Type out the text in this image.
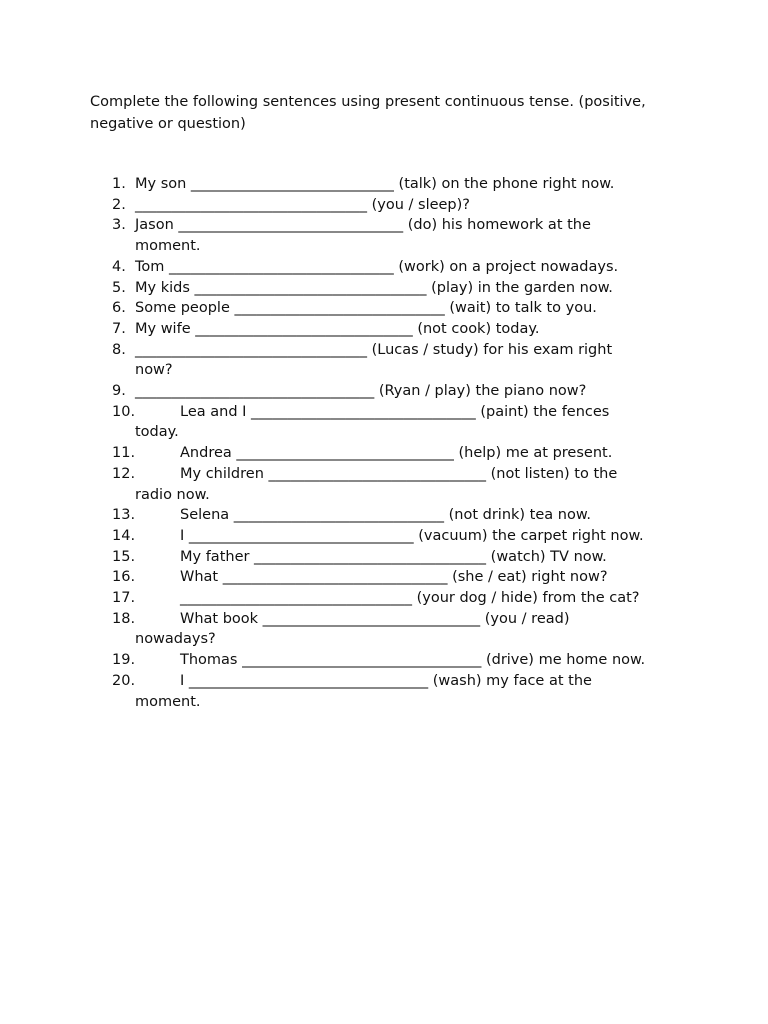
Complete the following sentences using present continuous tense. (positive, negative or question)

1. My son ____________________________ (talk) on the phone right now.
2. ________________________________ (you / sleep)?
3. Jason _______________________________ (do) his homework at the
moment.
4. Tom _______________________________ (work) on a project nowadays.
5. My kids ________________________________ (play) in the garden now.
6. Some people _____________________________ (wait) to talk to you.
7. My wife ______________________________ (not cook) today.
8. ________________________________ (Lucas / study) for his exam right
now?
9. _________________________________ (Ryan / play) the piano now?
10.	Lea and I _______________________________ (paint) the fences
today.
11.	Andrea ______________________________ (help) me at present.
12.	My children ______________________________ (not listen) to the
radio now.
13.	Selena _____________________________ (not drink) tea now.
14.	I _______________________________ (vacuum) the carpet right now.
15.	My father ________________________________ (watch) TV now.
16.	What _______________________________ (she / eat) right now?
17.	________________________________ (your dog / hide) from the cat?
18.	What book ______________________________ (you / read)
nowadays?
19.	Thomas _________________________________ (drive) me home now.
20.	I _________________________________ (wash) my face at the
moment.
